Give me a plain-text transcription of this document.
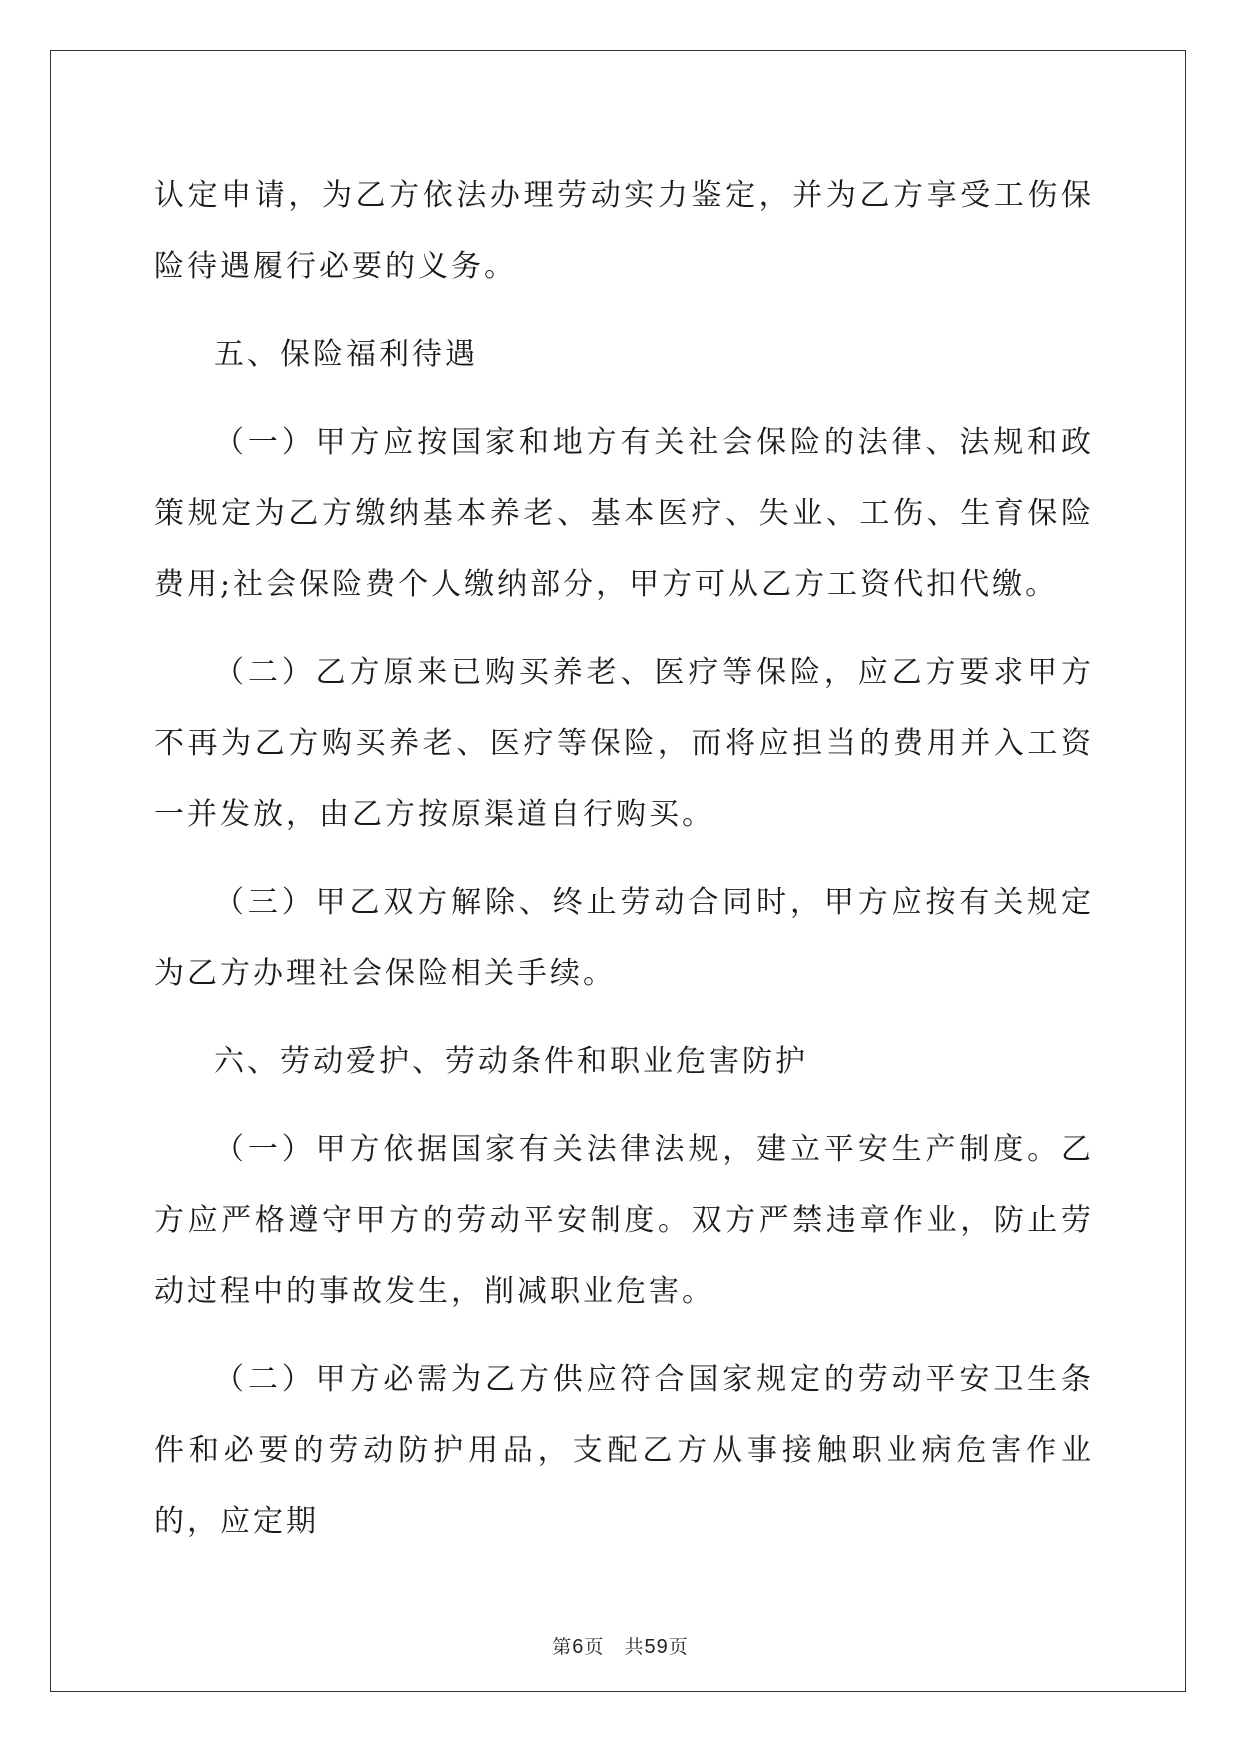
认定申请，为乙方依法办理劳动实力鉴定，并为乙方享受工伤保险待遇履行必要的义务。

五、保险福利待遇

（一）甲方应按国家和地方有关社会保险的法律、法规和政策规定为乙方缴纳基本养老、基本医疗、失业、工伤、生育保险费用;社会保险费个人缴纳部分，甲方可从乙方工资代扣代缴。

（二）乙方原来已购买养老、医疗等保险，应乙方要求甲方不再为乙方购买养老、医疗等保险，而将应担当的费用并入工资一并发放，由乙方按原渠道自行购买。

（三）甲乙双方解除、终止劳动合同时，甲方应按有关规定为乙方办理社会保险相关手续。

六、劳动爱护、劳动条件和职业危害防护

（一）甲方依据国家有关法律法规，建立平安生产制度。乙方应严格遵守甲方的劳动平安制度。双方严禁违章作业，防止劳动过程中的事故发生，削减职业危害。

（二）甲方必需为乙方供应符合国家规定的劳动平安卫生条件和必要的劳动防护用品，支配乙方从事接触职业病危害作业的，应定期

第6页 共59页
